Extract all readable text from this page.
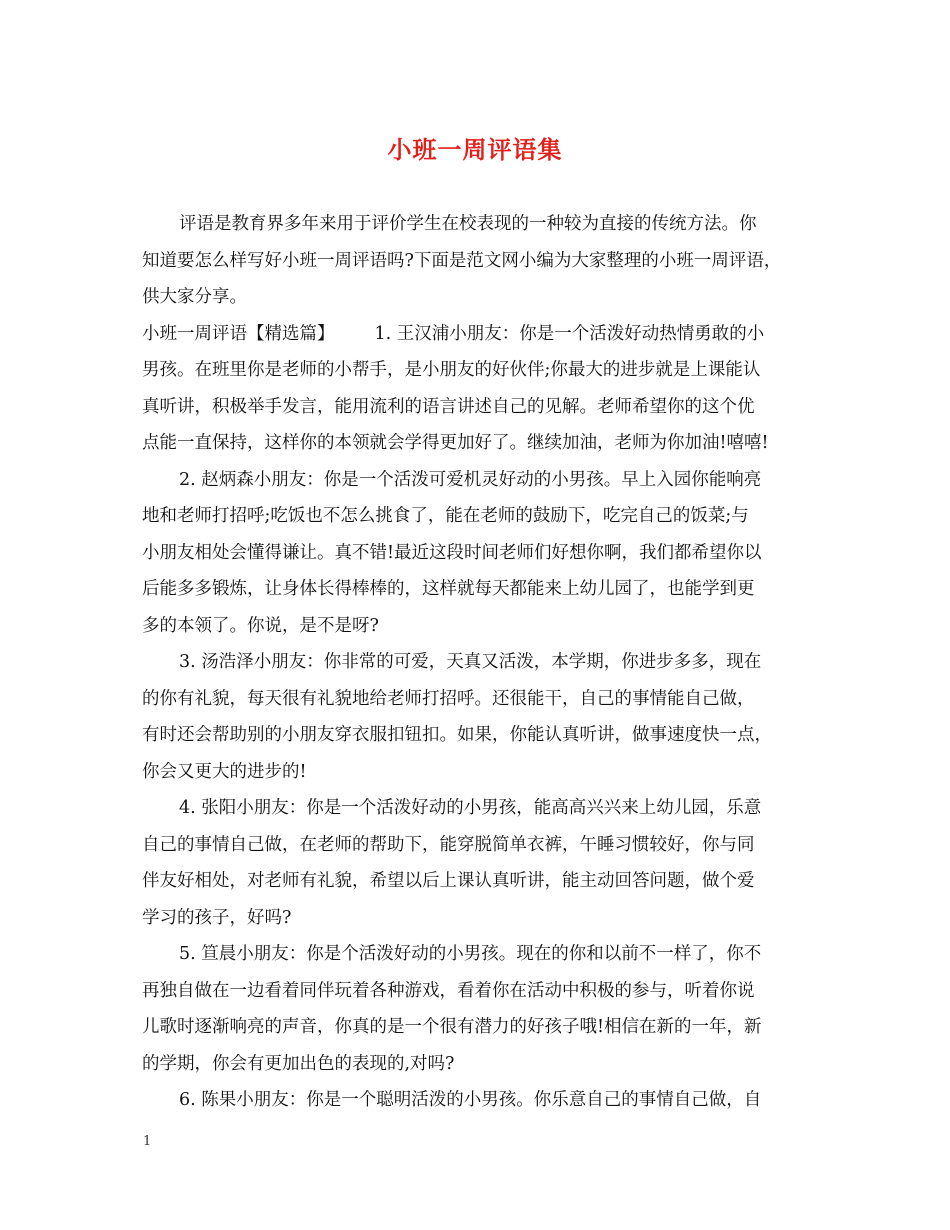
小班一周评语集
评语是教育界多年来用于评价学生在校表现的一种较为直接的传统方法。你
知道要怎么样写好小班一周评语吗?下面是范文网小编为大家整理的小班一周评语，
供大家分享。
小班一周评语【精选篇】 1. 王汉浦小朋友：你是一个活泼好动热情勇敢的小
男孩。在班里你是老师的小帮手，是小朋友的好伙伴;你最大的进步就是上课能认
真听讲，积极举手发言，能用流利的语言讲述自己的见解。老师希望你的这个优
点能一直保持，这样你的本领就会学得更加好了。继续加油，老师为你加油!嘻嘻!
2. 赵炳森小朋友：你是一个活泼可爱机灵好动的小男孩。早上入园你能响亮
地和老师打招呼;吃饭也不怎么挑食了，能在老师的鼓励下，吃完自己的饭菜;与
小朋友相处会懂得谦让。真不错!最近这段时间老师们好想你啊，我们都希望你以
后能多多锻炼，让身体长得棒棒的，这样就每天都能来上幼儿园了，也能学到更
多的本领了。你说，是不是呀?
3. 汤浩泽小朋友：你非常的可爱，天真又活泼，本学期，你进步多多，现在
的你有礼貌，每天很有礼貌地给老师打招呼。还很能干，自己的事情能自己做，
有时还会帮助别的小朋友穿衣服扣钮扣。如果，你能认真听讲，做事速度快一点，
你会又更大的进步的!
4. 张阳小朋友：你是一个活泼好动的小男孩，能高高兴兴来上幼儿园，乐意
自己的事情自己做，在老师的帮助下，能穿脱简单衣裤，午睡习惯较好，你与同
伴友好相处，对老师有礼貌，希望以后上课认真听讲，能主动回答问题，做个爱
学习的孩子，好吗?
5. 笪晨小朋友：你是个活泼好动的小男孩。现在的你和以前不一样了，你不
再独自做在一边看着同伴玩着各种游戏，看着你在活动中积极的参与，听着你说
儿歌时逐渐响亮的声音，你真的是一个很有潜力的好孩子哦!相信在新的一年，新
的学期，你会有更加出色的表现的,对吗?
6. 陈果小朋友：你是一个聪明活泼的小男孩。你乐意自己的事情自己做，自
1
